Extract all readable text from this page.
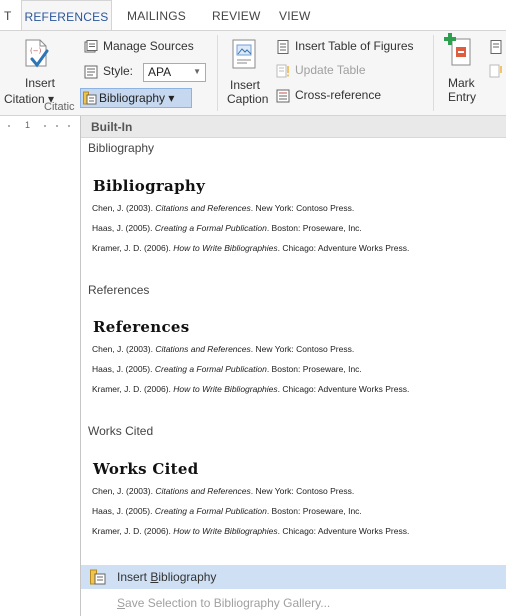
T REFERENCES MAILINGS REVIEW VIEW
(−)
Insert
Citation ▾
Manage Sources
Style: APA	▼
Bibliography ▾
Citatic
Insert
Caption
Insert Table of Figures
Update Table
Cross-reference
Mark
Entry
1	Built-In
Bibliography
Bibliography
Chen, J. (2003). Citations and References. New York: Contoso Press.
Haas, J. (2005). Creating a Formal Publication. Boston: Proseware, Inc.
Kramer, J. D. (2006). How to Write Bibliographies. Chicago: Adventure Works Press.
References
References
Chen, J. (2003). Citations and References. New York: Contoso Press.
Haas, J. (2005). Creating a Formal Publication. Boston: Proseware, Inc.
Kramer, J. D. (2006). How to Write Bibliographies. Chicago: Adventure Works Press.
Works Cited
Works Cited
Chen, J. (2003). Citations and References. New York: Contoso Press.
Haas, J. (2005). Creating a Formal Publication. Boston: Proseware, Inc.
Kramer, J. D. (2006). How to Write Bibliographies. Chicago: Adventure Works Press.
Insert Bibliography
Save Selection to Bibliography Gallery...
